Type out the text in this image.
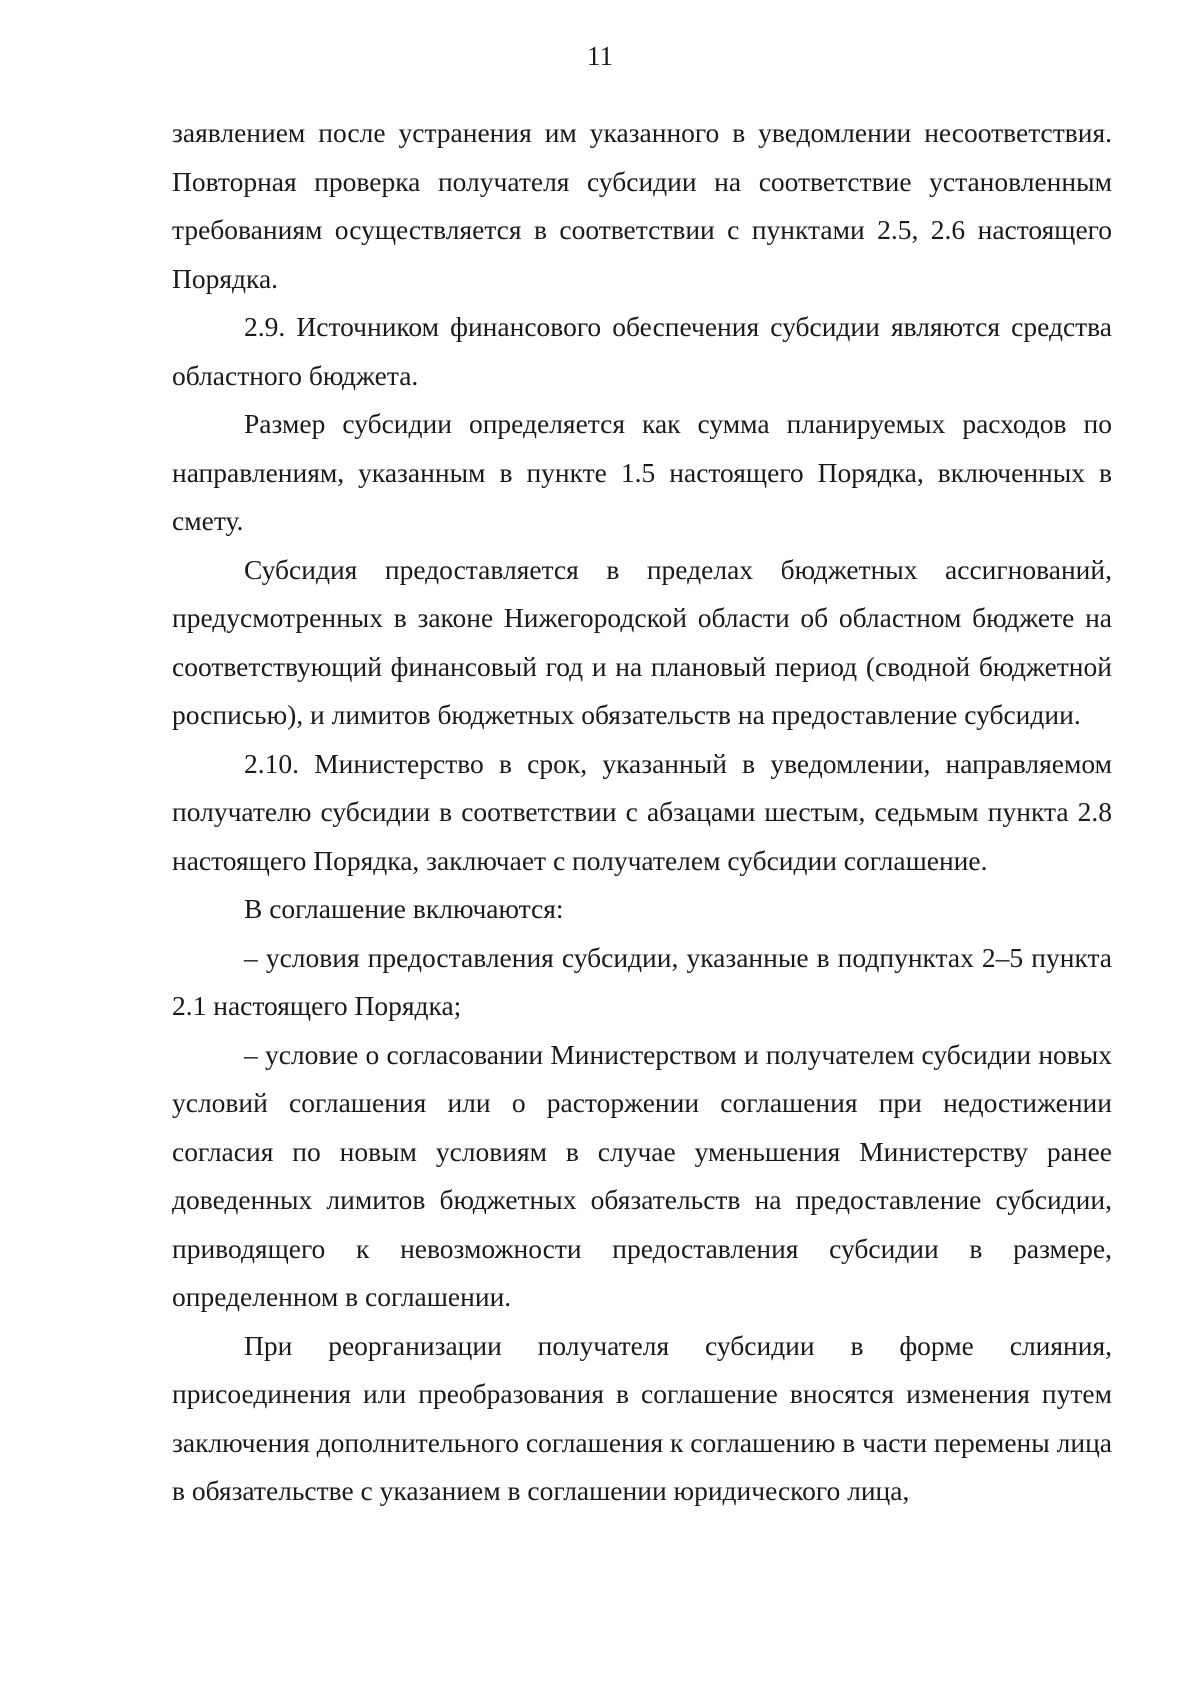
11

заявлением после устранения им указанного в уведомлении несоответствия. Повторная проверка получателя субсидии на соответствие установленным требованиям осуществляется в соответствии с пунктами 2.5, 2.6 настоящего Порядка.

2.9. Источником финансового обеспечения субсидии являются средства областного бюджета.

Размер субсидии определяется как сумма планируемых расходов по направлениям, указанным в пункте 1.5 настоящего Порядка, включенных в смету.

Субсидия предоставляется в пределах бюджетных ассигнований, предусмотренных в законе Нижегородской области об областном бюджете на соответствующий финансовый год и на плановый период (сводной бюджетной росписью), и лимитов бюджетных обязательств на предоставление субсидии.

2.10. Министерство в срок, указанный в уведомлении, направляемом получателю субсидии в соответствии с абзацами шестым, седьмым пункта 2.8 настоящего Порядка, заключает с получателем субсидии соглашение.

В соглашение включаются:

– условия предоставления субсидии, указанные в подпунктах 2–5 пункта 2.1 настоящего Порядка;

– условие о согласовании Министерством и получателем субсидии новых условий соглашения или о расторжении соглашения при недостижении согласия по новым условиям в случае уменьшения Министерству ранее доведенных лимитов бюджетных обязательств на предоставление субсидии, приводящего к невозможности предоставления субсидии в размере, определенном в соглашении.

При реорганизации получателя субсидии в форме слияния, присоединения или преобразования в соглашение вносятся изменения путем заключения дополнительного соглашения к соглашению в части перемены лица в обязательстве с указанием в соглашении юридического лица,
